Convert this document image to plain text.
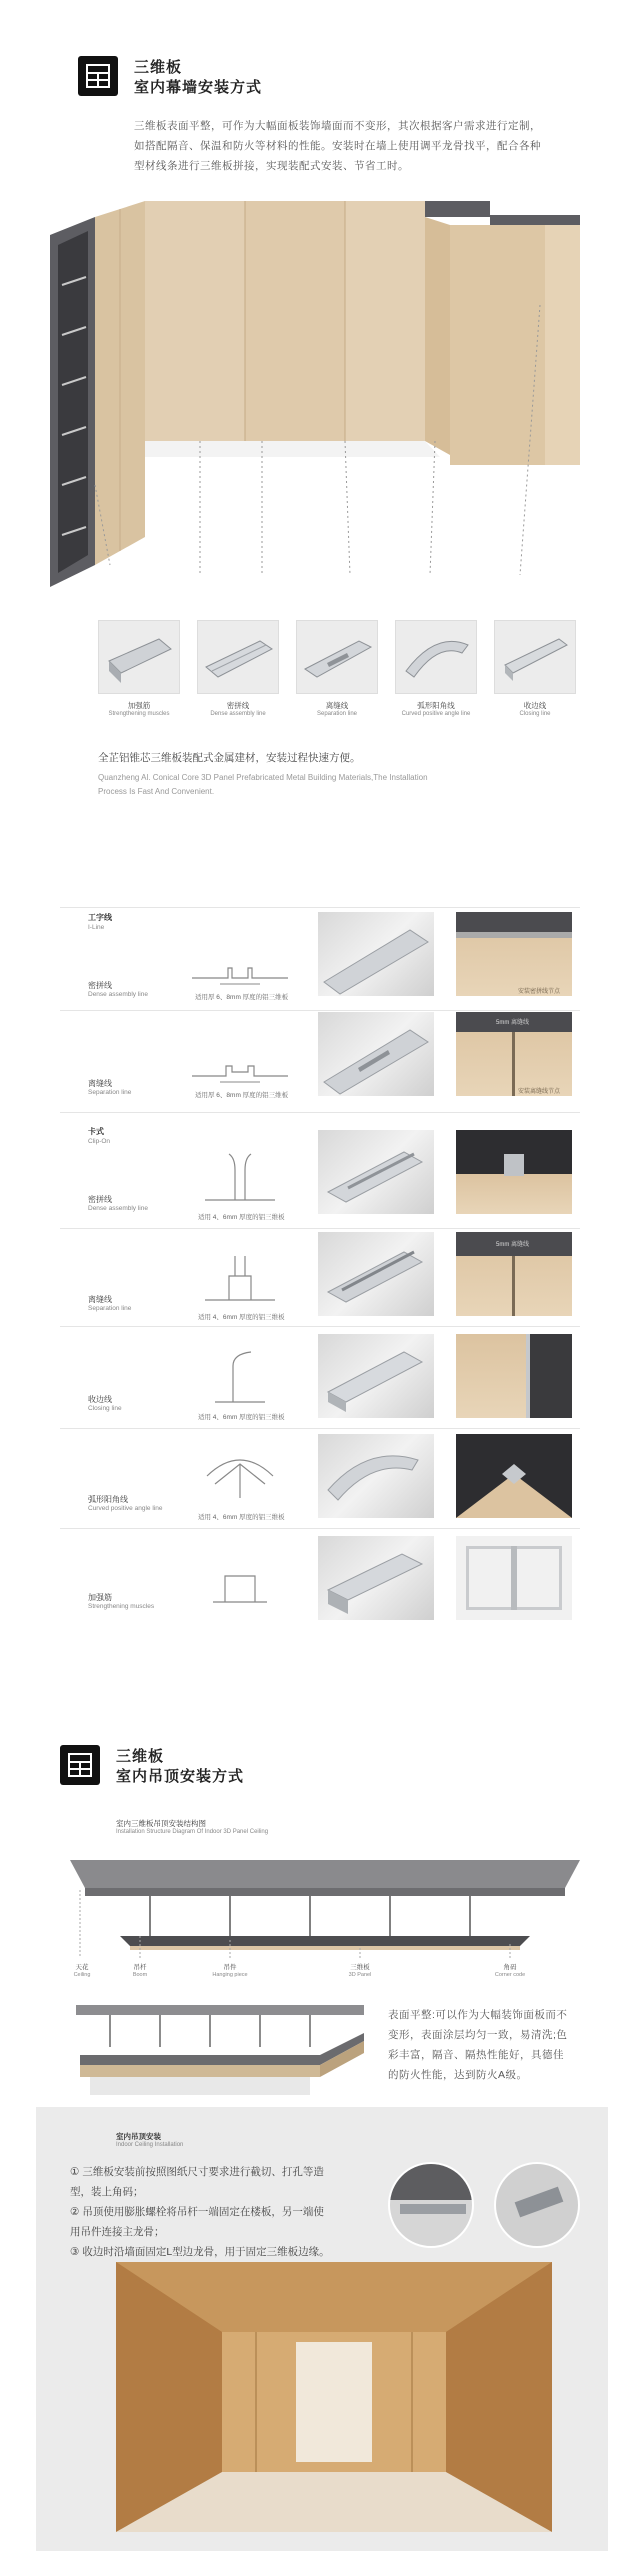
三维板
室内幕墙安装方式
三维板表面平整，可作为大幅面板装饰墙面而不变形，其次根据客户需求进行定制，
如搭配隔音、保温和防火等材料的性能。安装时在墙上使用调平龙骨找平，配合各种
型材线条进行三维板拼接，实现装配式安装、节省工时。
加强筋
Strengthening muscles
密拼线
Dense assembly line
离缝线
Separation line
弧形阳角线
Curved positive angle line
收边线
Closing line
全芷铝锥芯三维板装配式金属建材，安装过程快速方便。
Quanzheng Al. Conical Core 3D Panel Prefabricated Metal Building Materials,The Installation
Process Is Fast And Convenient.
工字线
I-Line
密拼线
Dense assembly line	适用厚 6、8mm 厚度的铝三维板
安装密拼线节点
离缝线
Separation line	适用厚 6、8mm 厚度的铝三维板
5mm 离缝线
安装离缝线节点
卡式
Clip-On
密拼线
Dense assembly line
适用 4、6mm 厚度的铝三维板
离缝线
Separation line
适用 4、6mm 厚度的铝三维板
5mm 离缝线
收边线
Closing line
适用 4、6mm 厚度的铝三维板
弧形阳角线
Curved positive angle line
适用 4、6mm 厚度的铝三维板
加强筋
Strengthening muscles
三维板
室内吊顶安装方式
室内三维板吊顶安装结构图
Installation Structure Diagram Of Indoor 3D Panel Ceiling
天花
Ceiling
吊杆
Boom
吊件
Hanging piece
三维板
3D Panel
角码
Corner code
表面平整:可以作为大幅装饰面板而不
变形，表面涂层均匀一致，易清洗;色
彩丰富，隔音、隔热性能好，具德佳
的防火性能，达到防火A级。
室内吊顶安装
Indoor Ceiling Installation
① 三维板安装前按照图纸尺寸要求进行截切、打孔等造
型，装上角码；
② 吊顶使用膨胀螺栓将吊杆一端固定在楼板，另一端使
用吊件连接主龙骨；
③ 收边时沿墙面固定L型边龙骨，用于固定三维板边缘。
